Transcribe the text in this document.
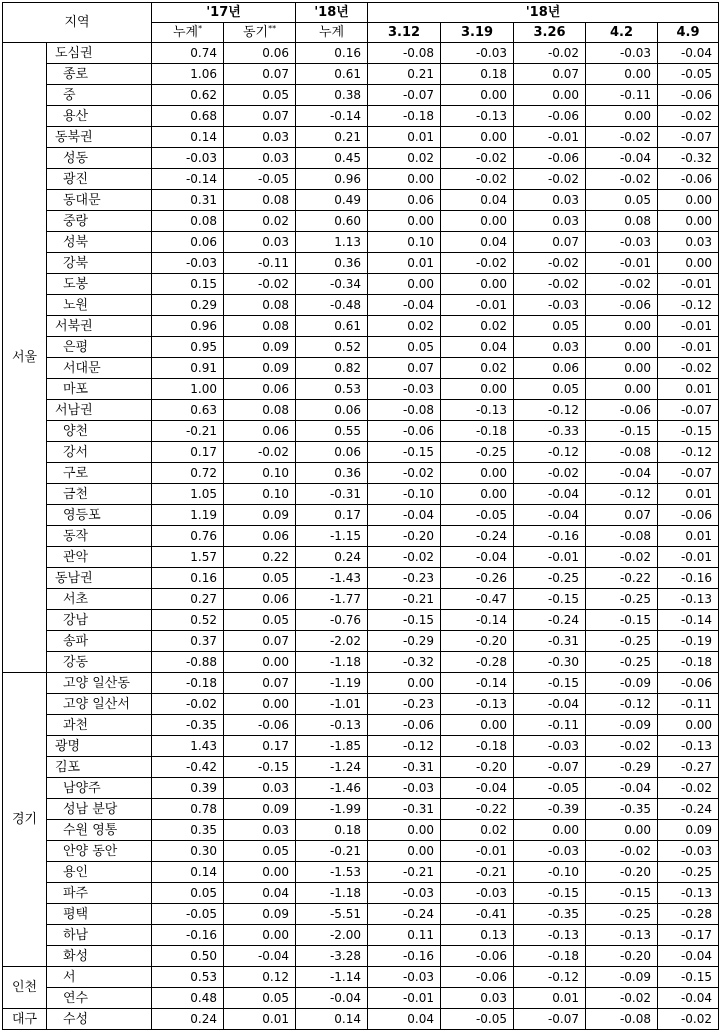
지역		'17년		'18년	'18년				
		누계*	동기**	누계	3.12	3.19	3.26	4.2	4.9
서울	도심권	0.74	0.06	0.16	-0.08	-0.03	-0.02	-0.03	-0.04
	종로	1.06	0.07	0.61	0.21	0.18	0.07	0.00	-0.05
	중	0.62	0.05	0.38	-0.07	0.00	0.00	-0.11	-0.06
	용산	0.68	0.07	-0.14	-0.18	-0.13	-0.06	0.00	-0.02
	동북권	0.14	0.03	0.21	0.01	0.00	-0.01	-0.02	-0.07
	성동	-0.03	0.03	0.45	0.02	-0.02	-0.06	-0.04	-0.32
	광진	-0.14	-0.05	0.96	0.00	-0.02	-0.02	-0.02	-0.06
	동대문	0.31	0.08	0.49	0.06	0.04	0.03	0.05	0.00
	중랑	0.08	0.02	0.60	0.00	0.00	0.03	0.08	0.00
	성북	0.06	0.03	1.13	0.10	0.04	0.07	-0.03	0.03
	강북	-0.03	-0.11	0.36	0.01	-0.02	-0.02	-0.01	0.00
	도봉	0.15	-0.02	-0.34	0.00	0.00	-0.02	-0.02	-0.01
	노원	0.29	0.08	-0.48	-0.04	-0.01	-0.03	-0.06	-0.12
	서북권	0.96	0.08	0.61	0.02	0.02	0.05	0.00	-0.01
	은평	0.95	0.09	0.52	0.05	0.04	0.03	0.00	-0.01
	서대문	0.91	0.09	0.82	0.07	0.02	0.06	0.00	-0.02
	마포	1.00	0.06	0.53	-0.03	0.00	0.05	0.00	0.01
	서남권	0.63	0.08	0.06	-0.08	-0.13	-0.12	-0.06	-0.07
	양천	-0.21	0.06	0.55	-0.06	-0.18	-0.33	-0.15	-0.15
	강서	0.17	-0.02	0.06	-0.15	-0.25	-0.12	-0.08	-0.12
	구로	0.72	0.10	0.36	-0.02	0.00	-0.02	-0.04	-0.07
	금천	1.05	0.10	-0.31	-0.10	0.00	-0.04	-0.12	0.01
	영등포	1.19	0.09	0.17	-0.04	-0.05	-0.04	0.07	-0.06
	동작	0.76	0.06	-1.15	-0.20	-0.24	-0.16	-0.08	0.01
	관악	1.57	0.22	0.24	-0.02	-0.04	-0.01	-0.02	-0.01
	동남권	0.16	0.05	-1.43	-0.23	-0.26	-0.25	-0.22	-0.16
	서초	0.27	0.06	-1.77	-0.21	-0.47	-0.15	-0.25	-0.13
	강남	0.52	0.05	-0.76	-0.15	-0.14	-0.24	-0.15	-0.14
	송파	0.37	0.07	-2.02	-0.29	-0.20	-0.31	-0.25	-0.19
	강동	-0.88	0.00	-1.18	-0.32	-0.28	-0.30	-0.25	-0.18
경기	고양 일산동	-0.18	0.07	-1.19	0.00	-0.14	-0.15	-0.09	-0.06
	고양 일산서	-0.02	0.00	-1.01	-0.23	-0.13	-0.04	-0.12	-0.11
	과천	-0.35	-0.06	-0.13	-0.06	0.00	-0.11	-0.09	0.00
	광명	1.43	0.17	-1.85	-0.12	-0.18	-0.03	-0.02	-0.13
	김포	-0.42	-0.15	-1.24	-0.31	-0.20	-0.07	-0.29	-0.27
	남양주	0.39	0.03	-1.46	-0.03	-0.04	-0.05	-0.04	-0.02
	성남 분당	0.78	0.09	-1.99	-0.31	-0.22	-0.39	-0.35	-0.24
	수원 영통	0.35	0.03	0.18	0.00	0.02	0.00	0.00	0.09
	안양 동안	0.30	0.05	-0.21	0.00	-0.01	-0.03	-0.02	-0.03
	용인	0.14	0.00	-1.53	-0.21	-0.21	-0.10	-0.20	-0.25
	파주	0.05	0.04	-1.18	-0.03	-0.03	-0.15	-0.15	-0.13
	평택	-0.05	0.09	-5.51	-0.24	-0.41	-0.35	-0.25	-0.28
	하남	-0.16	0.00	-2.00	0.11	0.13	-0.13	-0.13	-0.17
	화성	0.50	-0.04	-3.28	-0.16	-0.06	-0.18	-0.20	-0.04
인천	서	0.53	0.12	-1.14	-0.03	-0.06	-0.12	-0.09	-0.15
	연수	0.48	0.05	-0.04	-0.01	0.03	0.01	-0.02	-0.04
대구	수성	0.24	0.01	0.14	0.04	-0.05	-0.07	-0.08	-0.02
